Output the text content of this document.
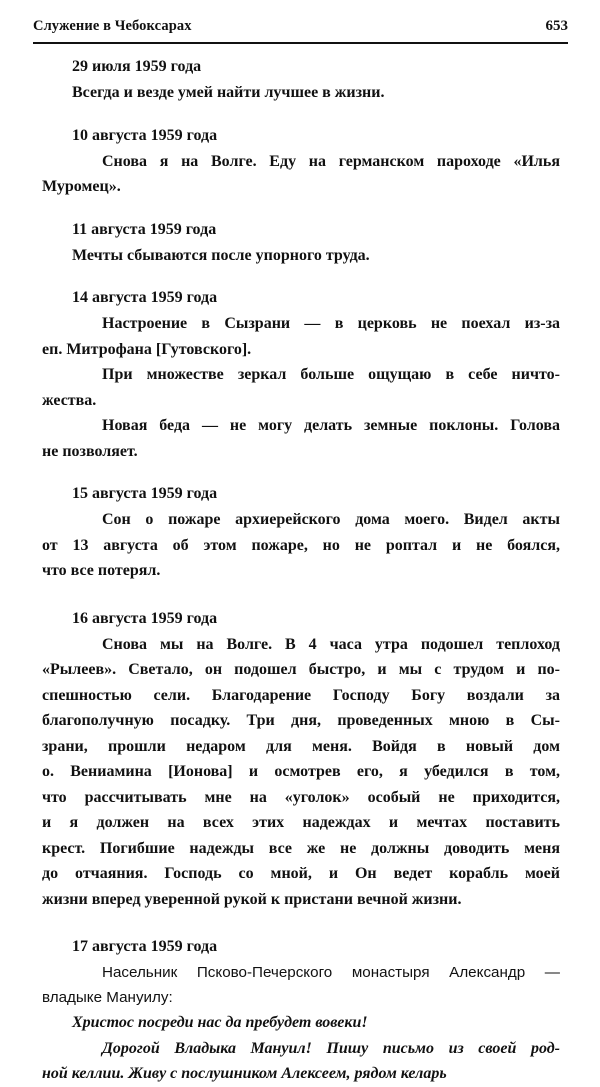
Служение в Чебоксарах	653

29 июля 1959 года

Всегда и везде умей найти лучшее в жизни.

10 августа 1959 года

Снова я на Волге. Еду на германском пароходе «Илья
Муромец».

11 августа 1959 года

Мечты сбываются после упорного труда.

14 августа 1959 года

Настроение в Сызрани — в церковь не поехал из-за
еп. Митрофана [Гутовского].

При множестве зеркал больше ощущаю в себе ничто-
жества.

Новая беда — не могу делать земные поклоны. Голова
не позволяет.

15 августа 1959 года

Сон о пожаре архиерейского дома моего. Видел акты
от 13 августа об этом пожаре, но не роптал и не боялся,
что все потерял.

16 августа 1959 года

Снова мы на Волге. В 4 часа утра подошел теплоход
«Рылеев». Светало, он подошел быстро, и мы с трудом и по-
спешностью сели. Благодарение Господу Богу воздали за
благополучную посадку. Три дня, проведенных мною в Сы-
зрани, прошли недаром для меня. Войдя в новый дом
о. Вениамина [Ионова] и осмотрев его, я убедился в том,
что рассчитывать мне на «уголок» особый не приходится,
и я должен на всех этих надеждах и мечтах поставить
крест. Погибшие надежды все же не должны доводить меня
до отчаяния. Господь со мной, и Он ведет корабль моей
жизни вперед уверенной рукой к пристани вечной жизни.

17 августа 1959 года

Насельник Псково-Печерского монастыря Александр —
владыке Мануилу:

Христос посреди нас да пребудет вовеки!

Дорогой Владыка Мануил! Пишу письмо из своей род-
ной келлии. Живу с послушником Алексеем, рядом келарь
